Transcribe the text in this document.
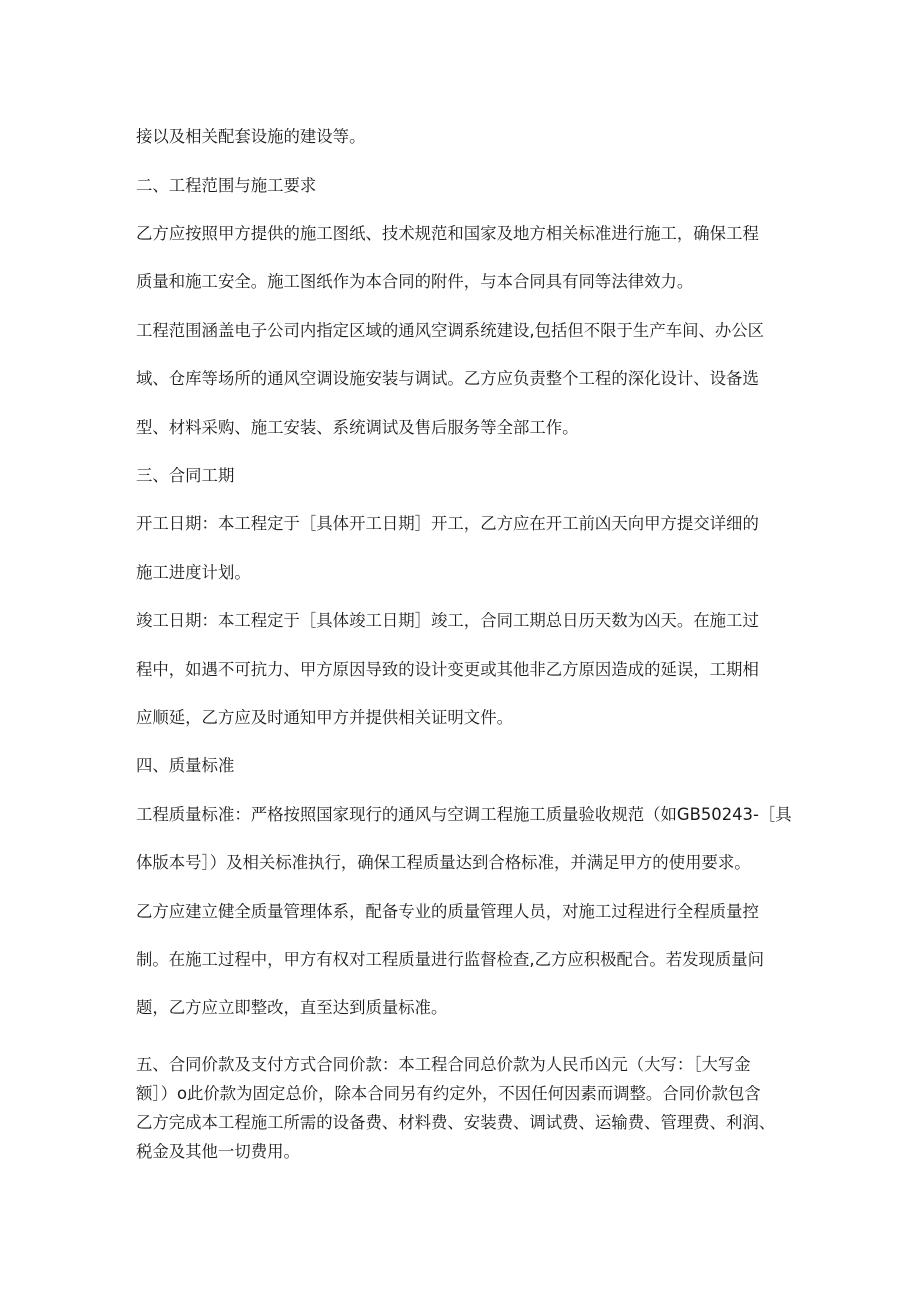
接以及相关配套设施的建设等。
二、工程范围与施工要求
乙方应按照甲方提供的施工图纸、技术规范和国家及地方相关标准进行施工，确保工程
质量和施工安全。施工图纸作为本合同的附件，与本合同具有同等法律效力。
工程范围涵盖电子公司内指定区域的通风空调系统建设,包括但不限于生产车间、办公区
域、仓库等场所的通风空调设施安装与调试。乙方应负责整个工程的深化设计、设备选
型、材料采购、施工安装、系统调试及售后服务等全部工作。
三、合同工期
开工日期：本工程定于［具体开工日期］开工，乙方应在开工前凶天向甲方提交详细的
施工进度计划。
竣工日期：本工程定于［具体竣工日期］竣工，合同工期总日历天数为凶天。在施工过
程中，如遇不可抗力、甲方原因导致的设计变更或其他非乙方原因造成的延误，工期相
应顺延，乙方应及时通知甲方并提供相关证明文件。
四、质量标准
工程质量标准：严格按照国家现行的通风与空调工程施工质量验收规范（如GB50243-［具
体版本号］）及相关标准执行，确保工程质量达到合格标准，并满足甲方的使用要求。
乙方应建立健全质量管理体系，配备专业的质量管理人员，对施工过程进行全程质量控
制。在施工过程中，甲方有权对工程质量进行监督检查,乙方应积极配合。若发现质量问
题，乙方应立即整改，直至达到质量标准。
五、合同价款及支付方式合同价款：本工程合同总价款为人民币凶元（大写：［大写金
额］）o此价款为固定总价，除本合同另有约定外，不因任何因素而调整。合同价款包含
乙方完成本工程施工所需的设备费、材料费、安装费、调试费、运输费、管理费、利润、
税金及其他一切费用。
